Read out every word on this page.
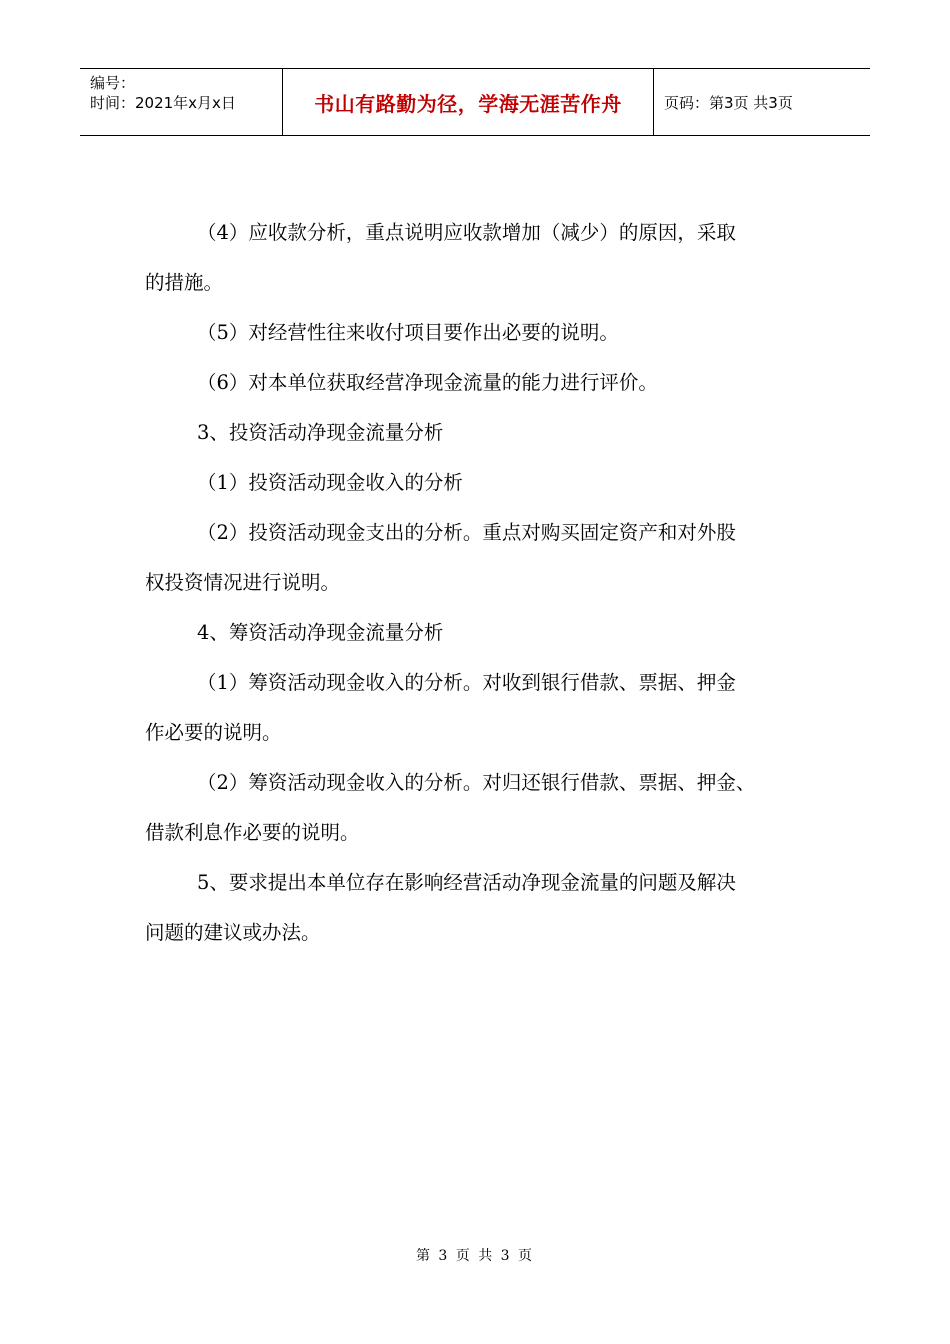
编号：
时间：2021年x月x日	书山有路勤为径，学海无涯苦作舟	页码：第3页 共3页

（4）应收款分析，重点说明应收款增加（减少）的原因，采取

的措施。

（5）对经营性往来收付项目要作出必要的说明。

（6）对本单位获取经营净现金流量的能力进行评价。

3、投资活动净现金流量分析

（1）投资活动现金收入的分析

（2）投资活动现金支出的分析。重点对购买固定资产和对外股

权投资情况进行说明。

4、筹资活动净现金流量分析

（1）筹资活动现金收入的分析。对收到银行借款、票据、押金

作必要的说明。

（2）筹资活动现金收入的分析。对归还银行借款、票据、押金、

借款利息作必要的说明。

5、要求提出本单位存在影响经营活动净现金流量的问题及解决

问题的建议或办法。

第 3 页 共 3 页
